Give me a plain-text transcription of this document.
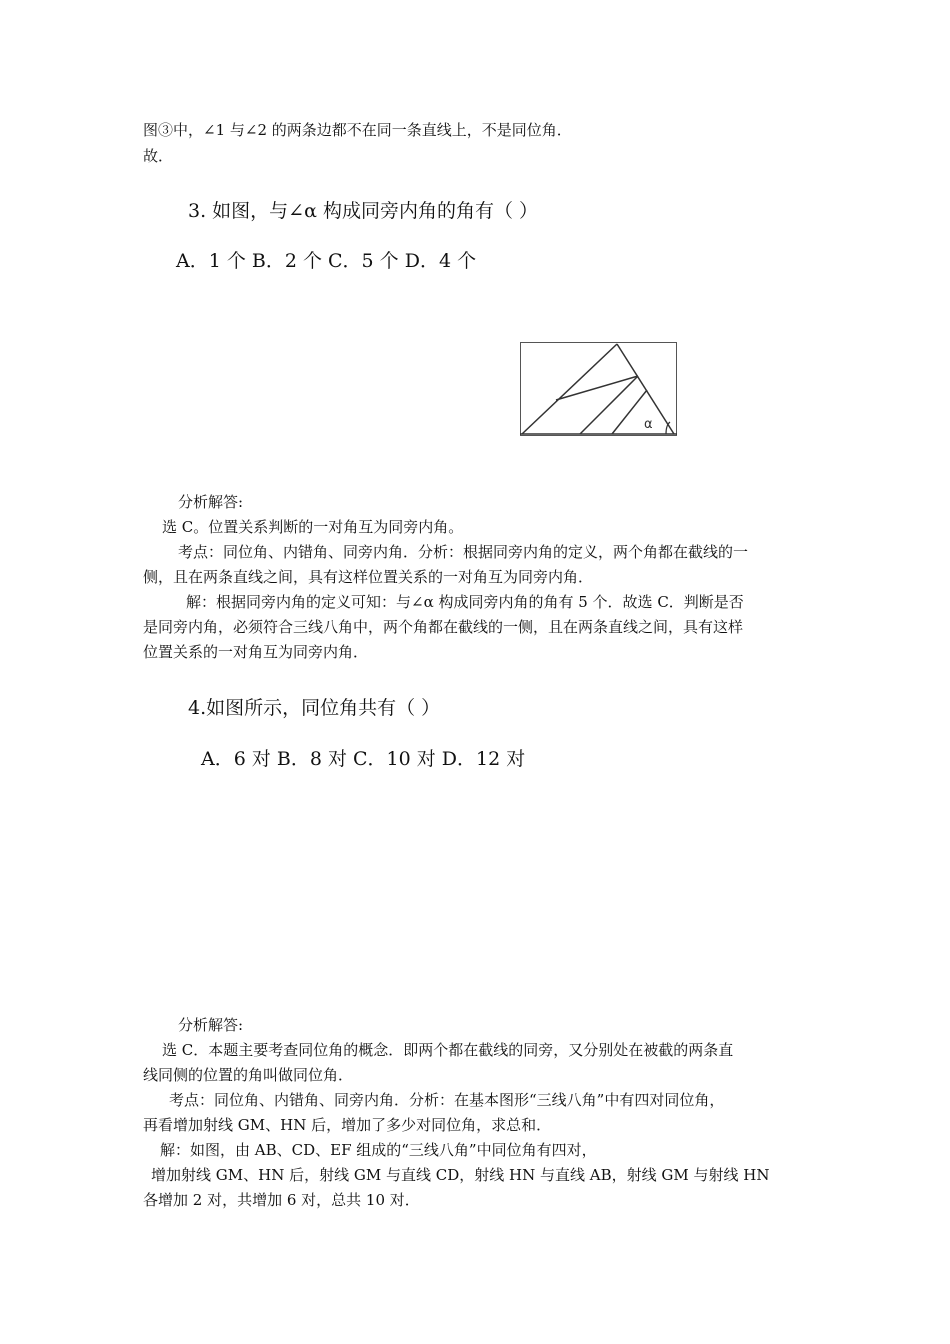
图③中，∠1 与∠2 的两条边都不在同一条直线上，不是同位角．
故．
3. 如图，与∠α 构成同旁内角的角有（ ）
A．1 个 B．2 个 C．5 个 D．4 个
α
分析解答:
选 C。位置关系判断的一对角互为同旁内角。
考点：同位角、内错角、同旁内角．分析：根据同旁内角的定义，两个角都在截线的一
侧，且在两条直线之间，具有这样位置关系的一对角互为同旁内角．
解：根据同旁内角的定义可知：与∠α 构成同旁内角的角有 5 个．故选 C．判断是否
是同旁内角，必须符合三线八角中，两个角都在截线的一侧，且在两条直线之间，具有这样
位置关系的一对角互为同旁内角．
4.如图所示，同位角共有（ ）
A．6 对 B．8 对 C．10 对 D．12 对
分析解答:
选 C．本题主要考查同位角的概念．即两个都在截线的同旁，又分别处在被截的两条直
线同侧的位置的角叫做同位角．
考点：同位角、内错角、同旁内角．分析：在基本图形“三线八角”中有四对同位角，
再看增加射线 GM、HN 后，增加了多少对同位角，求总和．
解：如图，由 AB、CD、EF 组成的“三线八角”中同位角有四对，
增加射线 GM、HN 后，射线 GM 与直线 CD，射线 HN 与直线 AB，射线 GM 与射线 HN
各增加 2 对，共增加 6 对，总共 10 对．
